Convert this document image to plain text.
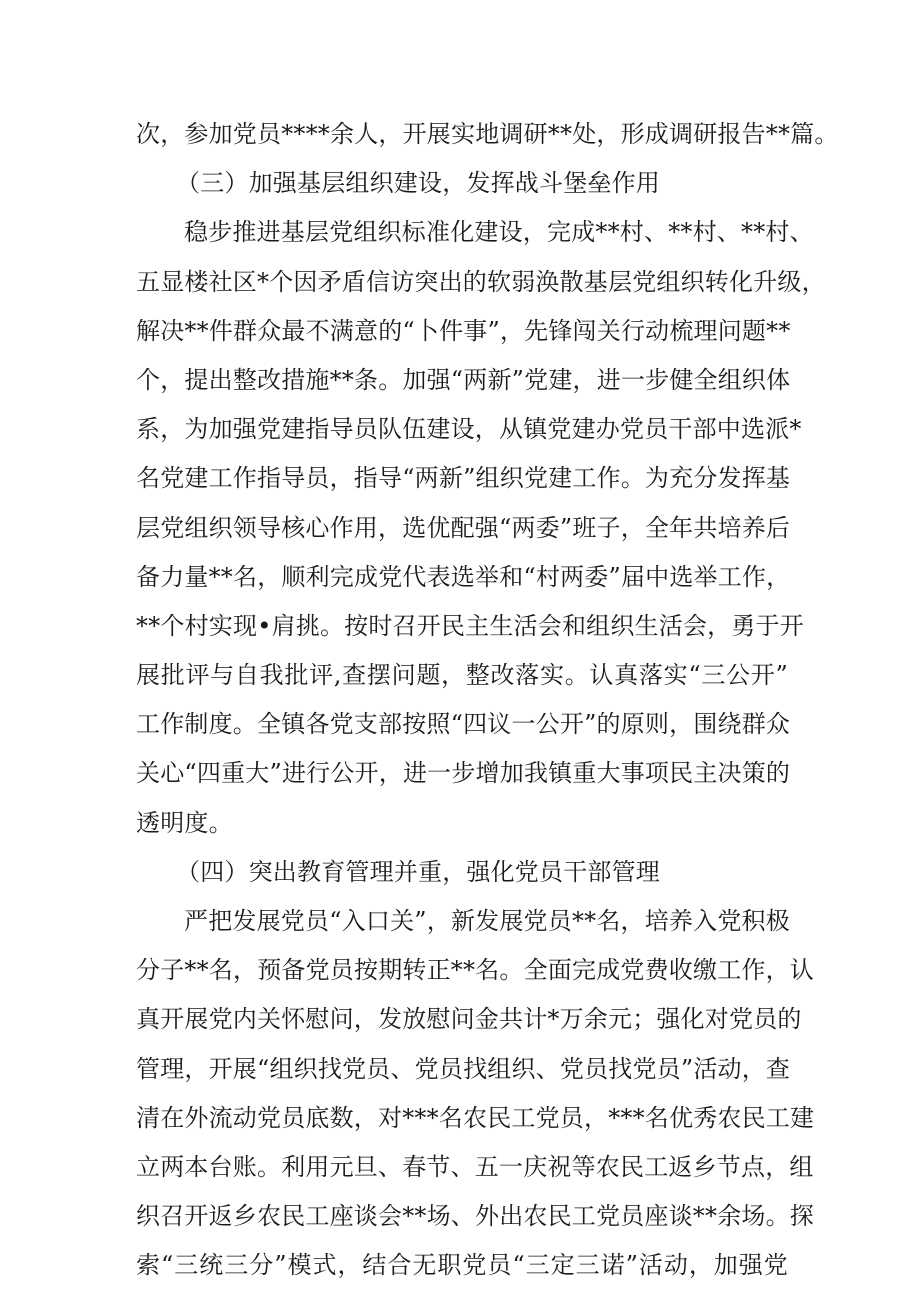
次，参加党员****余人，开展实地调研**处，形成调研报告**篇。
（三）加强基层组织建设，发挥战斗堡垒作用
稳步推进基层党组织标准化建设，完成**村、**村、**村、
五显楼社区*个因矛盾信访突出的软弱涣散基层党组织转化升级，
解决**件群众最不满意的“卜件事”，先锋闯关行动梳理问题**
个，提出整改措施**条。加强“两新”党建，进一步健全组织体
系，为加强党建指导员队伍建设，从镇党建办党员干部中选派*
名党建工作指导员，指导“两新”组织党建工作。为充分发挥基
层党组织领导核心作用，选优配强“两委”班子，全年共培养后
备力量**名，顺利完成党代表选举和“村两委”届中选举工作，
**个村实现•肩挑。按时召开民主生活会和组织生活会，勇于开
展批评与自我批评,查摆问题，整改落实。认真落实“三公开”
工作制度。全镇各党支部按照“四议一公开”的原则，围绕群众
关心“四重大”进行公开，进一步增加我镇重大事项民主决策的
透明度。
（四）突出教育管理并重，强化党员干部管理
严把发展党员“入口关”，新发展党员**名，培养入党积极
分子**名，预备党员按期转正**名。全面完成党费收缴工作，认
真开展党内关怀慰问，发放慰问金共计*万余元；强化对党员的
管理，开展“组织找党员、党员找组织、党员找党员”活动，查
清在外流动党员底数，对***名农民工党员，***名优秀农民工建
立两本台账。利用元旦、春节、五一庆祝等农民工返乡节点，组
织召开返乡农民工座谈会**场、外出农民工党员座谈**余场。探
索“三统三分”模式，结合无职党员“三定三诺”活动，加强党
